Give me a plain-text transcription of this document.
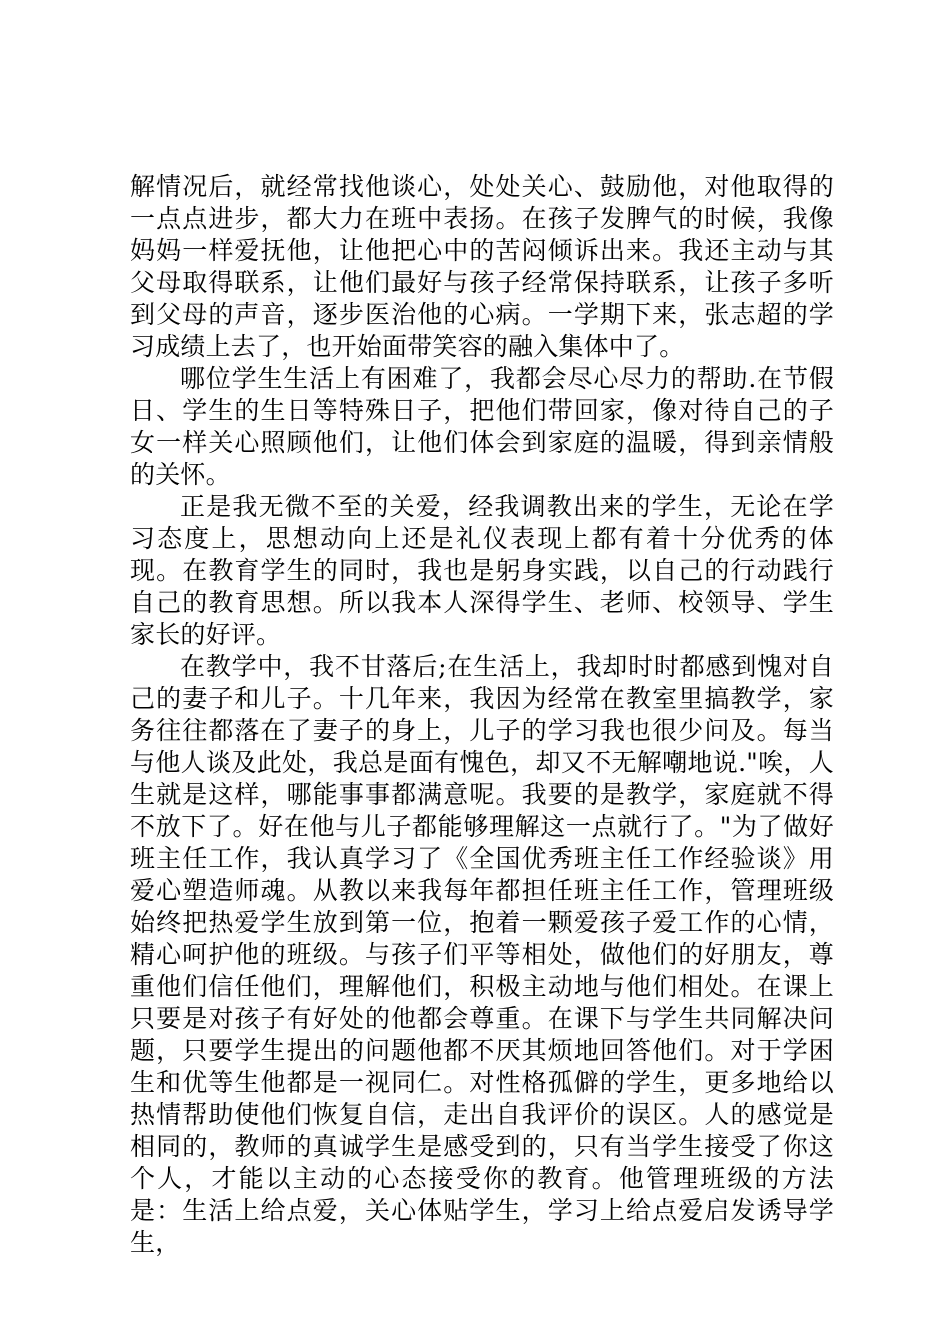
解情况后，就经常找他谈心，处处关心、鼓励他，对他取得的一点点进步，都大力在班中表扬。在孩子发脾气的时候，我像妈妈一样爱抚他，让他把心中的苦闷倾诉出来。我还主动与其父母取得联系，让他们最好与孩子经常保持联系，让孩子多听到父母的声音，逐步医治他的心病。一学期下来，张志超的学习成绩上去了，也开始面带笑容的融入集体中了。

哪位学生生活上有困难了，我都会尽心尽力的帮助.在节假日、学生的生日等特殊日子，把他们带回家，像对待自己的子女一样关心照顾他们，让他们体会到家庭的温暖，得到亲情般的关怀。

正是我无微不至的关爱，经我调教出来的学生，无论在学习态度上，思想动向上还是礼仪表现上都有着十分优秀的体现。在教育学生的同时，我也是躬身实践，以自己的行动践行自己的教育思想。所以我本人深得学生、老师、校领导、学生家长的好评。

在教学中，我不甘落后;在生活上，我却时时都感到愧对自己的妻子和儿子。十几年来，我因为经常在教室里搞教学，家务往往都落在了妻子的身上，儿子的学习我也很少问及。每当与他人谈及此处，我总是面有愧色，却又不无解嘲地说."唉，人生就是这样，哪能事事都满意呢。我要的是教学，家庭就不得不放下了。好在他与儿子都能够理解这一点就行了。"为了做好班主任工作，我认真学习了《全国优秀班主任工作经验谈》用爱心塑造师魂。从教以来我每年都担任班主任工作，管理班级始终把热爱学生放到第一位，抱着一颗爱孩子爱工作的心情，精心呵护他的班级。与孩子们平等相处，做他们的好朋友，尊重他们信任他们，理解他们，积极主动地与他们相处。在课上只要是对孩子有好处的他都会尊重。在课下与学生共同解决问题，只要学生提出的问题他都不厌其烦地回答他们。对于学困生和优等生他都是一视同仁。对性格孤僻的学生，更多地给以热情帮助使他们恢复自信，走出自我评价的误区。人的感觉是相同的，教师的真诚学生是感受到的，只有当学生接受了你这个人，才能以主动的心态接受你的教育。他管理班级的方法是：生活上给点爱，关心体贴学生，学习上给点爱启发诱导学生，
